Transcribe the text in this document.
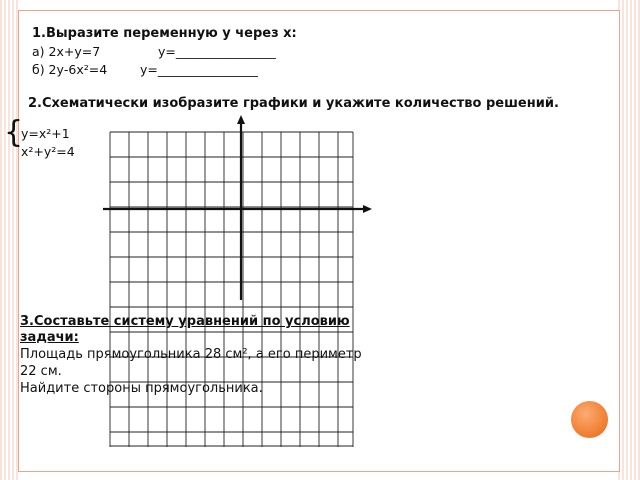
1.Выразите переменную у через х:
а) 2х+у=7	у=________________
б) 2у-6х²=4	у=________________
2.Схематически изобразите графики и укажите количество решений.
{
у=х²+1
х²+у²=4
3.Составьте систему уравнений по условию
задачи:
Площадь прямоугольника 28 см², а его периметр
22 см.
Найдите стороны прямоугольника.
